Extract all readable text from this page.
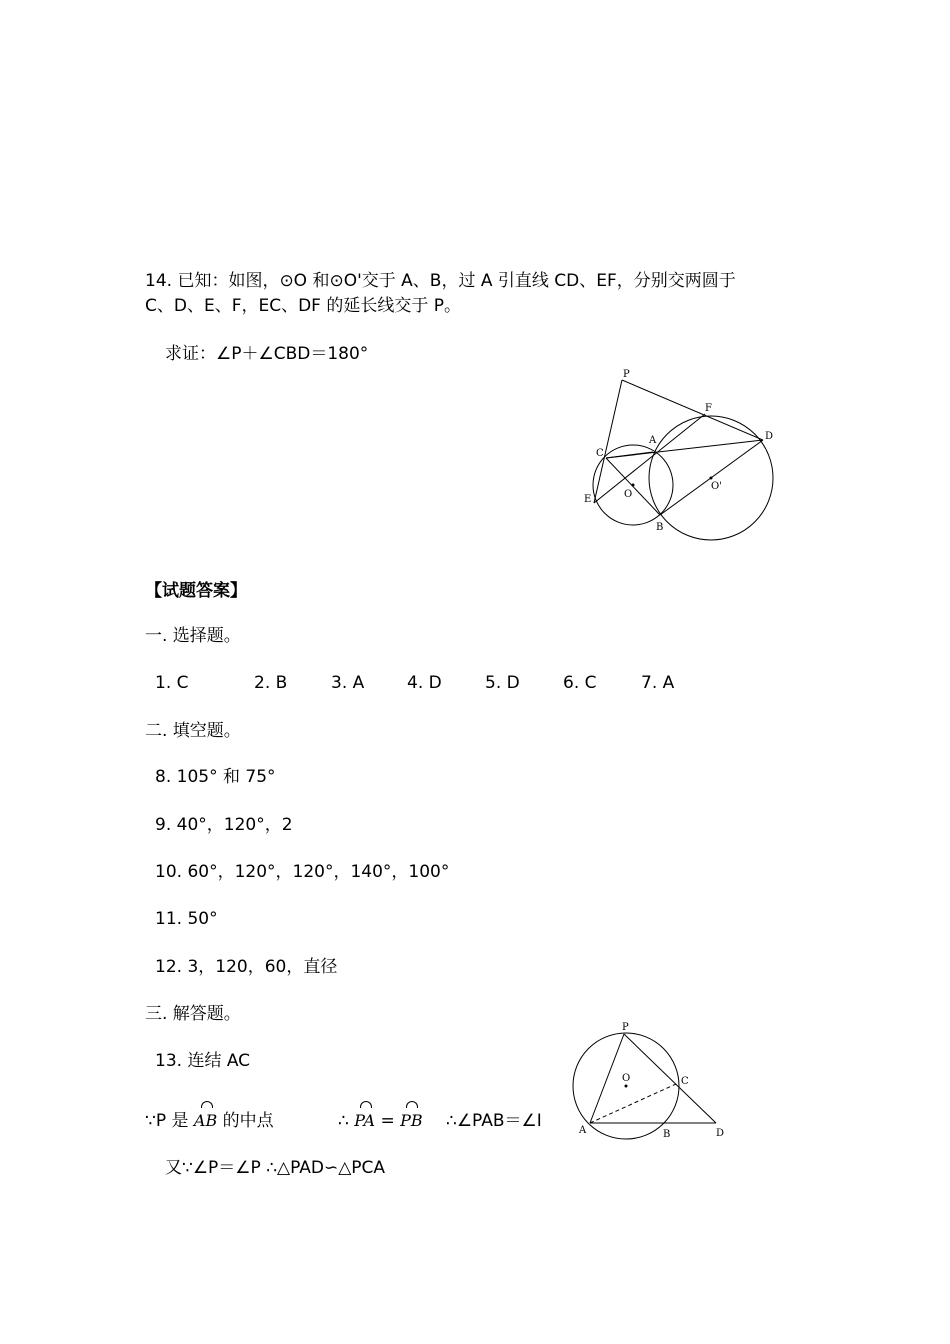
14. 已知：如图，⊙O 和⊙O'交于 A、B，过 A 引直线 CD、EF，分别交两圆于
C、D、E、F，EC、DF 的延长线交于 P。
求证：∠P＋∠CBD＝180°
P
F
D
A
C
E	O
O'
B
【试题答案】
一. 选择题。
1. C	2. B	3. A	4. D	5. D	6. C	7. A
二. 填空题。
8. 105° 和 75°
9. 40°，120°，2
10. 60°，120°，120°，140°，100°
11. 50°
12. 3，120，60，直径
三. 解答题。
13. 连结 AC
∵P 是 AB 的中点	∴ PA = PB ∴∠PAB＝∠I
又∵∠P＝∠P ∴△PAD∽△PCA
P
O	C
A	B	D
